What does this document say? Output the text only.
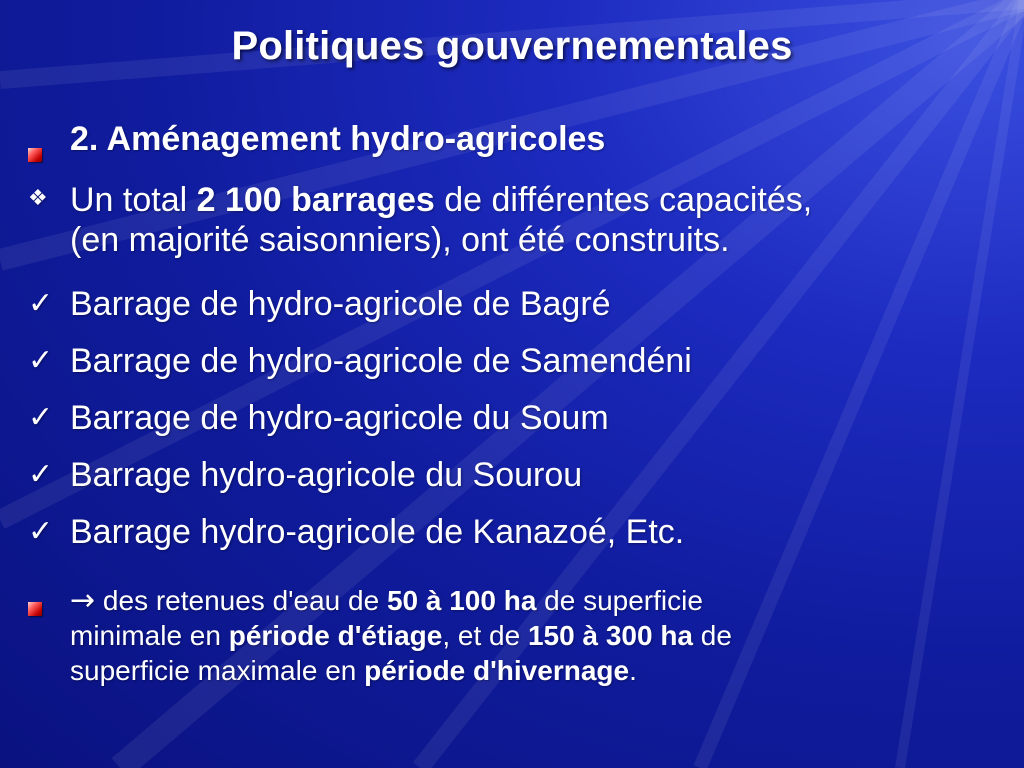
Politiques gouvernementales
2. Aménagement hydro-agricoles
❖ Un total 2 100 barrages de différentes capacités,
(en majorité saisonniers), ont été construits.
✓ Barrage de hydro-agricole de Bagré
✓ Barrage de hydro-agricole de Samendéni
✓ Barrage de hydro-agricole du Soum
✓ Barrage hydro-agricole du Sourou
✓ Barrage hydro-agricole de Kanazoé, Etc.
→ des retenues d'eau de 50 à 100 ha de superficie
minimale en période d'étiage, et de 150 à 300 ha de
superficie maximale en période d'hivernage.
